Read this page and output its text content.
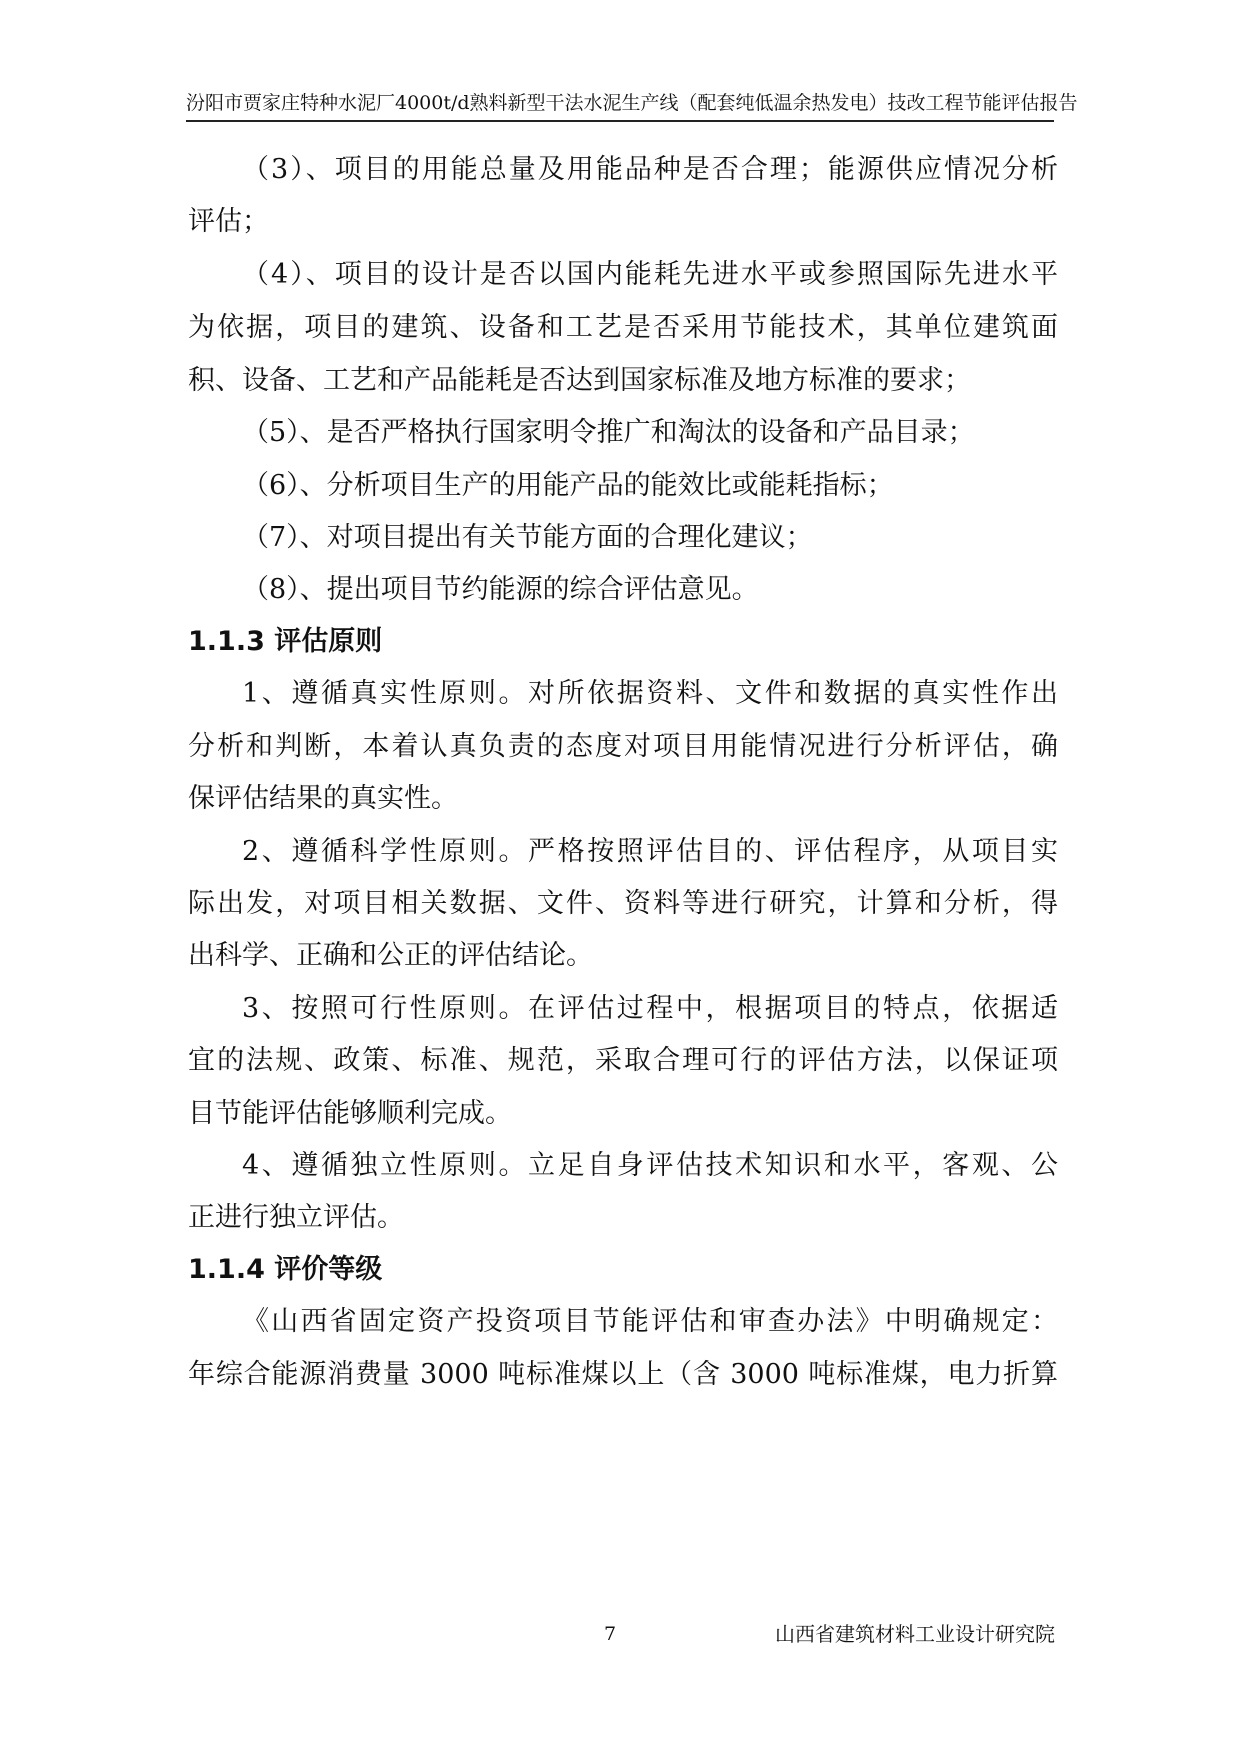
汾阳市贾家庄特种水泥厂4000t/d熟料新型干法水泥生产线（配套纯低温余热发电）技改工程节能评估报告
（3）、项目的用能总量及用能品种是否合理；能源供应情况分析
评估；
（4）、项目的设计是否以国内能耗先进水平或参照国际先进水平
为依据，项目的建筑、设备和工艺是否采用节能技术，其单位建筑面
积、设备、工艺和产品能耗是否达到国家标准及地方标准的要求；
（5）、是否严格执行国家明令推广和淘汰的设备和产品目录；
（6）、分析项目生产的用能产品的能效比或能耗指标；
（7）、对项目提出有关节能方面的合理化建议；
（8）、提出项目节约能源的综合评估意见。
1.1.3 评估原则
1、遵循真实性原则。对所依据资料、文件和数据的真实性作出
分析和判断，本着认真负责的态度对项目用能情况进行分析评估，确
保评估结果的真实性。
2、遵循科学性原则。严格按照评估目的、评估程序，从项目实
际出发，对项目相关数据、文件、资料等进行研究，计算和分析，得
出科学、正确和公正的评估结论。
3、按照可行性原则。在评估过程中，根据项目的特点，依据适
宜的法规、政策、标准、规范，采取合理可行的评估方法，以保证项
目节能评估能够顺利完成。
4、遵循独立性原则。立足自身评估技术知识和水平，客观、公
正进行独立评估。
1.1.4 评价等级
《山西省固定资产投资项目节能评估和审查办法》中明确规定：
年综合能源消费量 3000 吨标准煤以上（含 3000 吨标准煤，电力折算
7	山西省建筑材料工业设计研究院
